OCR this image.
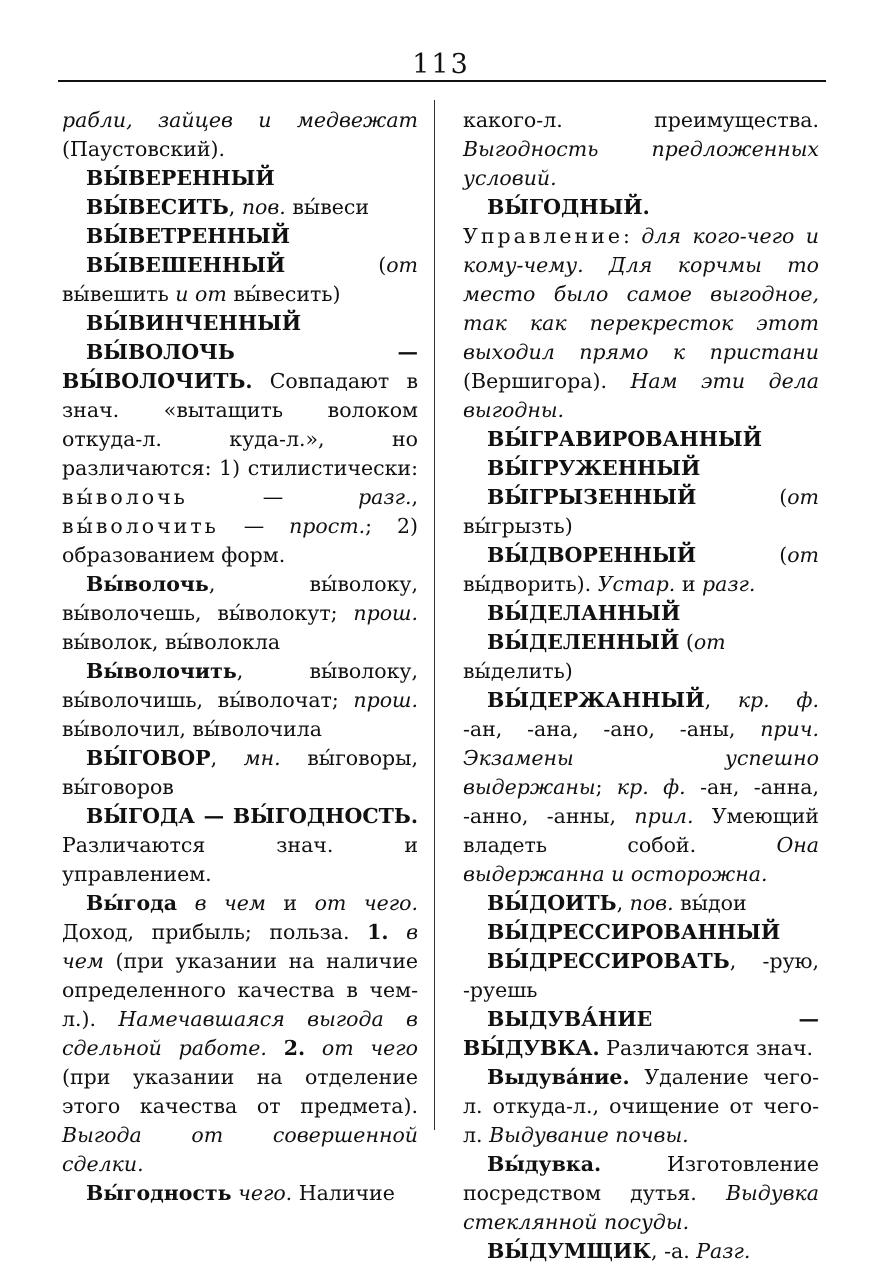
113

рабли, зайцев и медвежат (Паустовский).

ВЫ́ВЕРЕННЫЙ

ВЫ́ВЕСИТЬ, пов. вы́веси

ВЫ́ВЕТРЕННЫЙ

ВЫ́ВЕШЕННЫЙ (от вы́вешить и от вы́весить)

ВЫ́ВИНЧЕННЫЙ

ВЫ́ВОЛОЧЬ — ВЫ́ВОЛОЧИТЬ. Совпадают в знач. «вытащить волоком откуда-л. куда-л.», но различаются: 1) стилистически: вы́волочь — разг., вы́волочить — прост.; 2) образованием форм.

Вы́волочь, вы́волоку, вы́волочешь, вы́волокут; прош. вы́волок, вы́волокла

Вы́волочить, вы́волоку, вы́волочишь, вы́волочат; прош. вы́волочил, вы́волочила

ВЫ́ГОВОР, мн. вы́говоры, вы́говоров

ВЫ́ГОДА — ВЫ́ГОДНОСТЬ. Различаются знач. и управлением.

Вы́года в чем и от чего. Доход, прибыль; польза. 1. в чем (при указании на наличие определенного качества в чем-л.). Намечавшаяся выгода в сдельной работе. 2. от чего (при указании на отделение этого качества от предмета). Выгода от совершенной сделки.

Вы́годность чего. Наличие

какого-л. преимущества. Выгодность предложенных условий.

ВЫ́ГОДНЫЙ. Управление: для кого-чего и кому-чему. Для корчмы то место было самое выгодное, так как перекресток этот выходил прямо к пристани (Вершигора). Нам эти дела выгодны.

ВЫ́ГРАВИРОВАННЫЙ

ВЫ́ГРУЖЕННЫЙ

ВЫ́ГРЫЗЕННЫЙ (от вы́грызть)

ВЫ́ДВОРЕННЫЙ (от вы́дворить). Устар. и разг.

ВЫ́ДЕЛАННЫЙ

ВЫ́ДЕЛЕННЫЙ (от вы́делить)

ВЫ́ДЕРЖАННЫЙ, кр. ф. -ан, -ана, -ано, -аны, прич. Экзамены успешно выдержаны; кр. ф. -ан, -анна, -анно, -анны, прил. Умеющий владеть собой. Она выдержанна и осторожна.

ВЫ́ДОИТЬ, пов. вы́дои

ВЫ́ДРЕССИРОВАННЫЙ

ВЫ́ДРЕССИРОВАТЬ, -рую, -руешь

ВЫДУВА́НИЕ — ВЫ́ДУВКА. Различаются знач.

Выдува́ние. Удаление чего-л. откуда-л., очищение от чего-л. Выдувание почвы.

Вы́дувка. Изготовление посредством дутья. Выдувка стеклянной посуды.

ВЫ́ДУМЩИК, -а. Разг.
